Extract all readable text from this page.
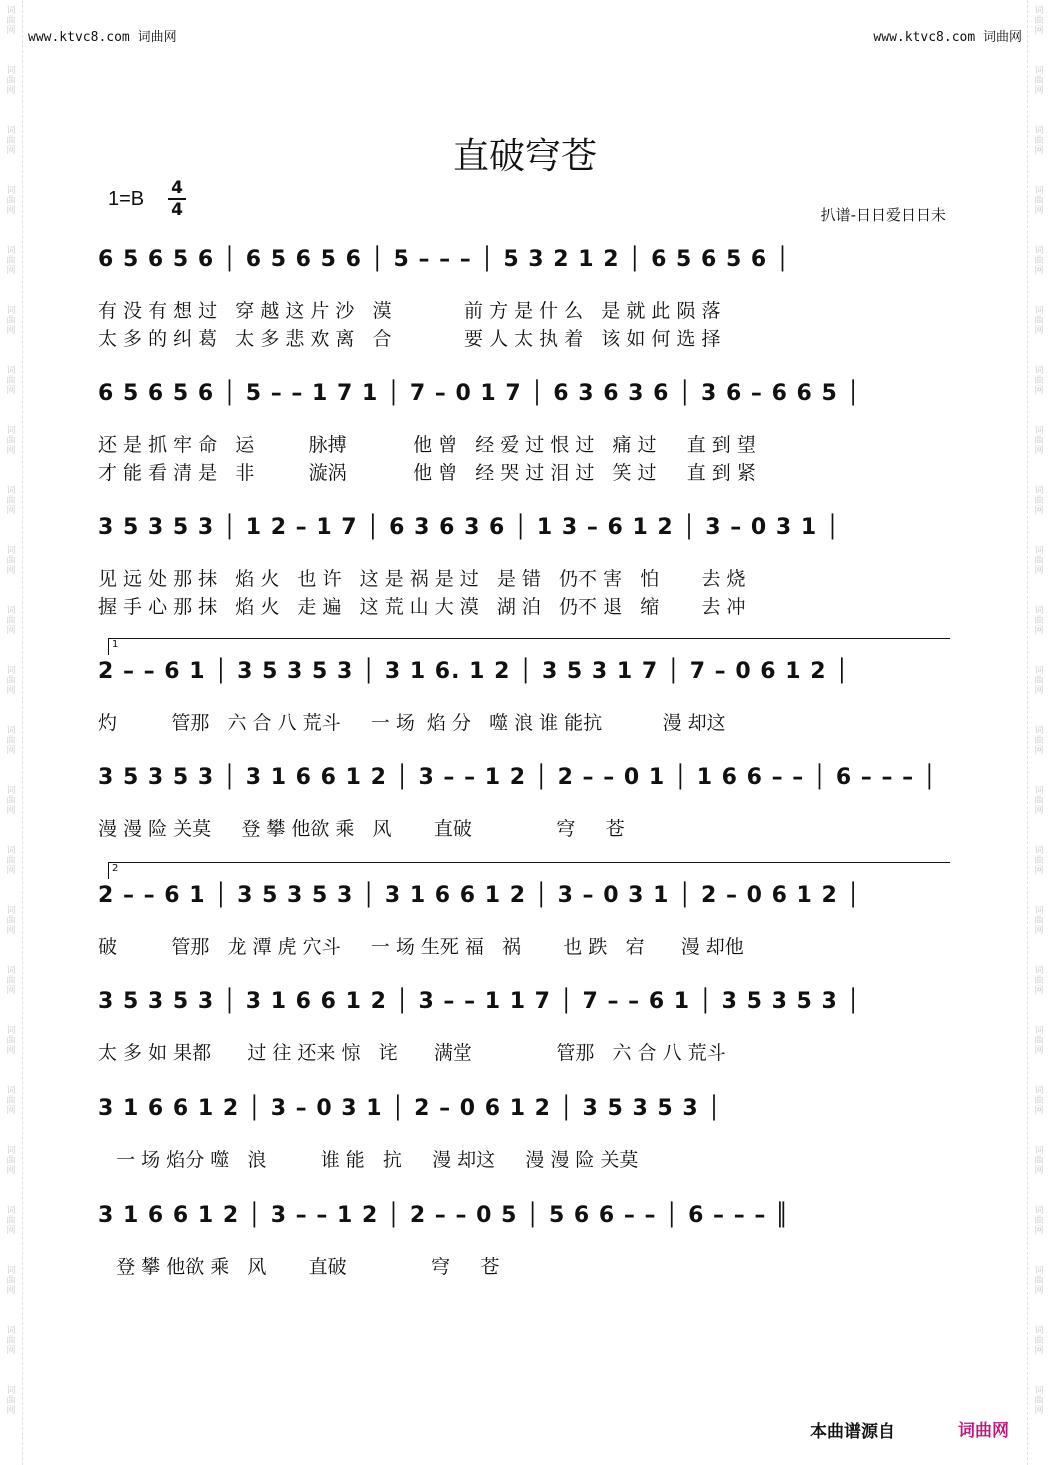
词
曲
网
词
曲
网
词
曲
网
词
曲
网
词
曲
网
词
曲
网
词
曲
网
词
曲
网
词
曲
网
词
曲
网
词
曲
网
词
曲
网
词
曲
网
词
曲
网
词
曲
网
词
曲
网
词
曲
网
词
曲
网
词
曲
网
词
曲
网
词
曲
网
词
曲
网
词
曲
网
词
曲
网
词
曲
网
词
曲
网
词
曲
网
词
曲
网
词
曲
网
词
曲
网
词
曲
网
词
曲
网
词
曲
网
词
曲
网
词
曲
网
词
曲
网
词
曲
网
词
曲
网
词
曲
网
词
曲
网
词
曲
网
词
曲
网
词
曲
网
词
曲
网
词
曲
网
词
曲
网
词
曲
网
词
曲
网
www.ktvc8.com 词曲网	www.ktvc8.com 词曲网
直破穹苍
1=B 4
4	扒谱-日日爱日日未
6 5 6 5 6 │ 6 5 6 5 6 │ 5 – – – │ 5 3 2 1 2 │ 6 5 6 5 6 │
有 没 有 想 过   穿 越 这 片 沙   漠            前 方 是 什 么   是 就 此 陨 落
太 多 的 纠 葛   太 多 悲 欢 离   合            要 人 太 执 着   该 如 何 选 择
6 5 6 5 6 │ 5 – – 1 7 1 │ 7 – 0 1 7 │ 6 3 6 3 6 │ 3 6 – 6 6 5 │
还 是 抓 牢 命   运         脉搏           他 曾   经 爱 过 恨 过   痛 过     直 到 望
才 能 看 清 是   非         漩涡           他 曾   经 哭 过 泪 过   笑 过     直 到 紧
3 5 3 5 3 │ 1 2 – 1 7 │ 6 3 6 3 6 │ 1 3 – 6 1 2 │ 3 – 0 3 1 │
见 远 处 那 抹   焰 火   也 许   这 是 祸 是 过   是 错   仍不 害   怕       去 烧
握 手 心 那 抹   焰 火   走 遍   这 荒 山 大 漠   湖 泊   仍不 退   缩       去 冲
1
2 – – 6 1 │ 3 5 3 5 3 │ 3 1 6. 1 2 │ 3 5 3 1 7 │ 7 – 0 6 1 2 │
灼         管那   六 合 八 荒斗     一 场  焰 分   噬 浪 谁 能抗          漫 却这
3 5 3 5 3 │ 3 1 6 6 1 2 │ 3 – – 1 2 │ 2 – – 0 1 │ 1 6 6 – – │ 6 – – – │
漫 漫 险 关莫     登 攀 他欲 乘   风       直破              穹     苍
2
2 – – 6 1 │ 3 5 3 5 3 │ 3 1 6 6 1 2 │ 3 – 0 3 1 │ 2 – 0 6 1 2 │
破         管那   龙 潭 虎 穴斗     一 场 生死 福   祸       也 跌   宕      漫 却他
3 5 3 5 3 │ 3 1 6 6 1 2 │ 3 – – 1 1 7 │ 7 – – 6 1 │ 3 5 3 5 3 │
太 多 如 果都      过 往 还来 惊   诧      满堂              管那   六 合 八 荒斗
3 1 6 6 1 2 │ 3 – 0 3 1 │ 2 – 0 6 1 2 │ 3 5 3 5 3 │
一 场 焰分 噬   浪         谁 能   抗     漫 却这     漫 漫 险 关莫
3 1 6 6 1 2 │ 3 – – 1 2 │ 2 – – 0 5 │ 5 6 6 – – │ 6 – – – ║
登 攀 他欲 乘   风       直破              穹     苍
本曲谱源自	词曲网
